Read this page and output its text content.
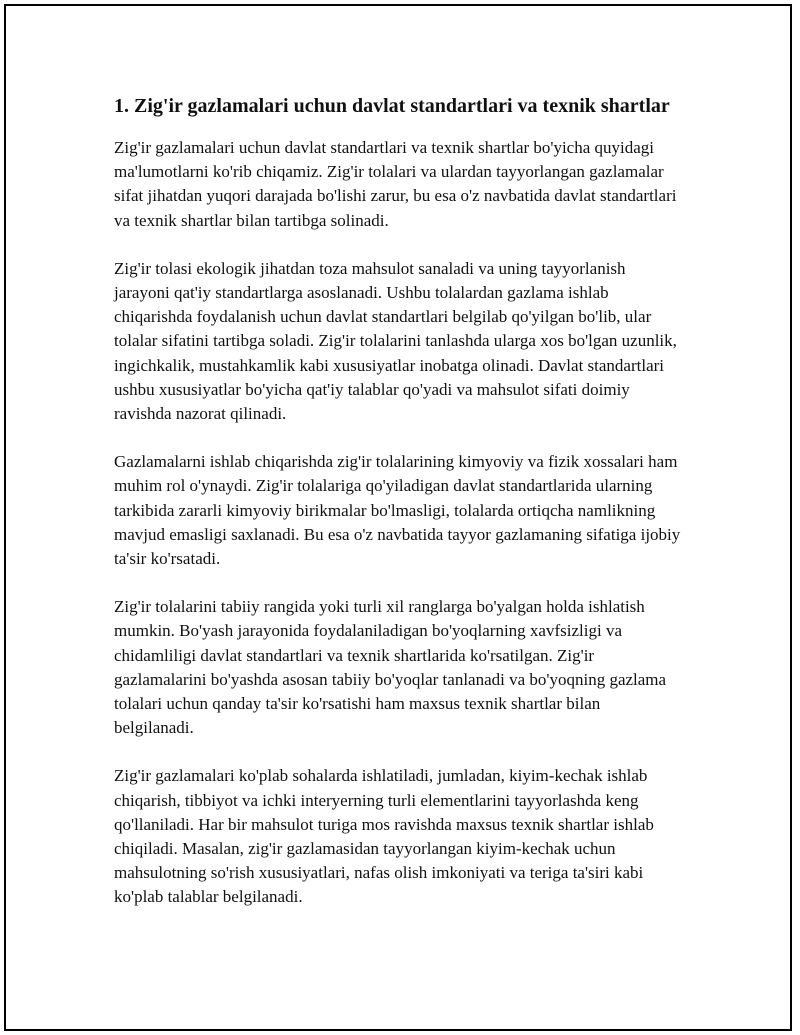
1. Zig'ir gazlamalari uchun davlat standartlari va texnik shartlar

Zig'ir gazlamalari uchun davlat standartlari va texnik shartlar bo'yicha quyidagi ma'lumotlarni ko'rib chiqamiz. Zig'ir tolalari va ulardan tayyorlangan gazlamalar sifat jihatdan yuqori darajada bo'lishi zarur, bu esa o'z navbatida davlat standartlari va texnik shartlar bilan tartibga solinadi.

Zig'ir tolasi ekologik jihatdan toza mahsulot sanaladi va uning tayyorlanish jarayoni qat'iy standartlarga asoslanadi. Ushbu tolalardan gazlama ishlab chiqarishda foydalanish uchun davlat standartlari belgilab qo'yilgan bo'lib, ular tolalar sifatini tartibga soladi. Zig'ir tolalarini tanlashda ularga xos bo'lgan uzunlik, ingichkalik, mustahkamlik kabi xususiyatlar inobatga olinadi. Davlat standartlari ushbu xususiyatlar bo'yicha qat'iy talablar qo'yadi va mahsulot sifati doimiy ravishda nazorat qilinadi.

Gazlamalarni ishlab chiqarishda zig'ir tolalarining kimyoviy va fizik xossalari ham muhim rol o'ynaydi. Zig'ir tolalariga qo'yiladigan davlat standartlarida ularning tarkibida zararli kimyoviy birikmalar bo'lmasligi, tolalarda ortiqcha namlikning mavjud emasligi saxlanadi. Bu esa o'z navbatida tayyor gazlamaning sifatiga ijobiy ta'sir ko'rsatadi.

Zig'ir tolalarini tabiiy rangida yoki turli xil ranglarga bo'yalgan holda ishlatish mumkin. Bo'yash jarayonida foydalaniladigan bo'yoqlarning xavfsizligi va chidamliligi davlat standartlari va texnik shartlarida ko'rsatilgan. Zig'ir gazlamalarini bo'yashda asosan tabiiy bo'yoqlar tanlanadi va bo'yoqning gazlama tolalari uchun qanday ta'sir ko'rsatishi ham maxsus texnik shartlar bilan belgilanadi.

Zig'ir gazlamalari ko'plab sohalarda ishlatiladi, jumladan, kiyim-kechak ishlab chiqarish, tibbiyot va ichki interyerning turli elementlarini tayyorlashda keng qo'llaniladi. Har bir mahsulot turiga mos ravishda maxsus texnik shartlar ishlab chiqiladi. Masalan, zig'ir gazlamasidan tayyorlangan kiyim-kechak uchun mahsulotning so'rish xususiyatlari, nafas olish imkoniyati va teriga ta'siri kabi ko'plab talablar belgilanadi.
